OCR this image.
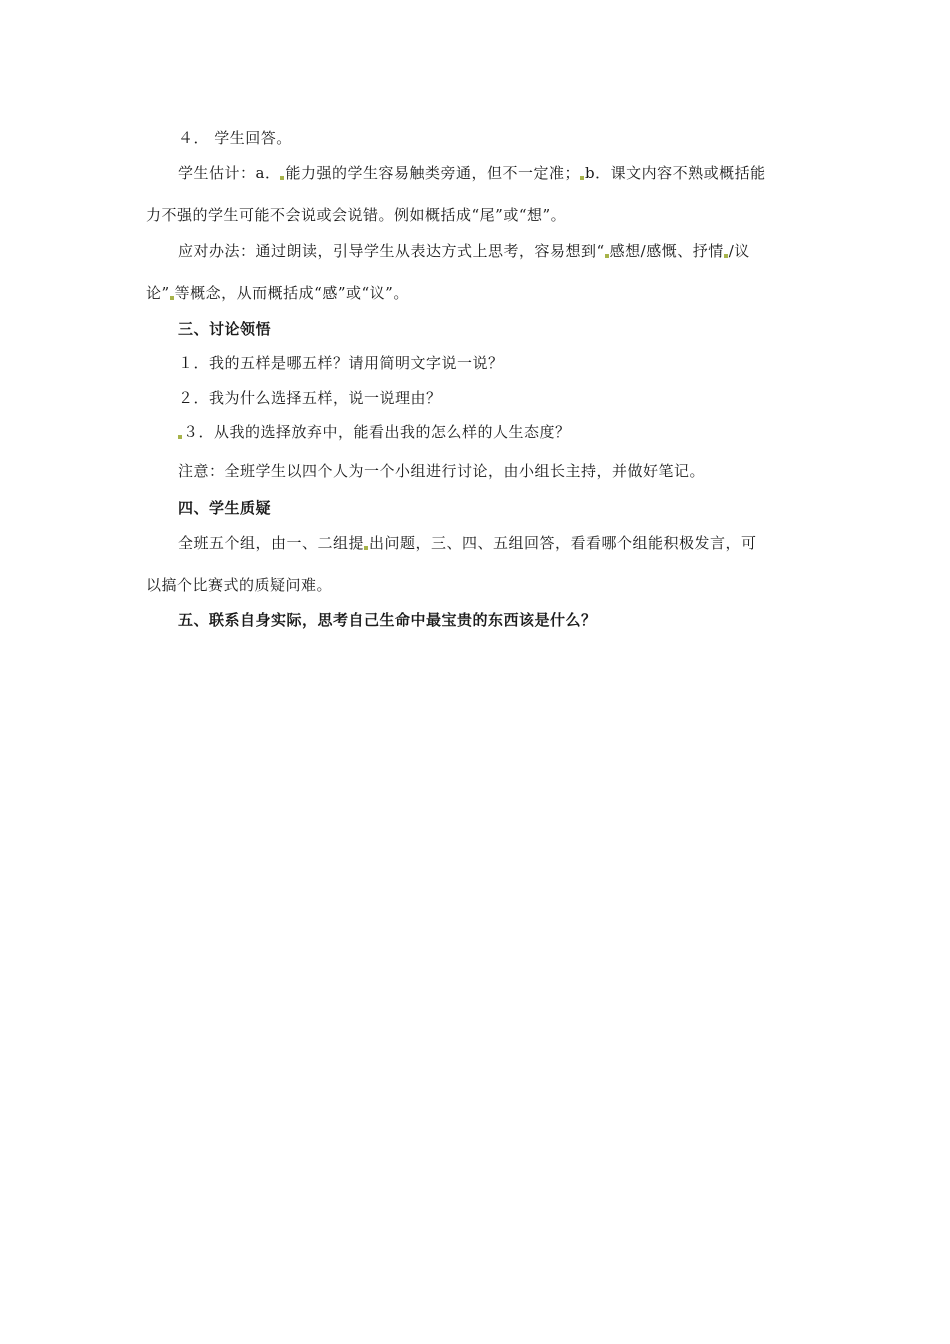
４． 学生回答。
学生估计：a． 能力强的学生容易触类旁通，但不一定准； b．课文内容不熟或概括能
力不强的学生可能不会说或会说错。例如概括成“尾”或“想”。
应对办法：通过朗读，引导学生从表达方式上思考，容易想到“ 感想/感慨、抒情 /议
论” 等概念，从而概括成“感”或“议”。
三、讨论领悟
１．我的五样是哪五样？请用简明文字说一说？
２．我为什么选择五样，说一说理由？
３．从我的选择放弃中，能看出我的怎么样的人生态度？
注意：全班学生以四个人为一个小组进行讨论，由小组长主持，并做好笔记。
四、学生质疑
全班五个组，由一、二组提 出问题，三、四、五组回答，看看哪个组能积极发言，可
以搞个比赛式的质疑问难。
五、联系自身实际，思考自己生命中最宝贵的东西该是什么？
